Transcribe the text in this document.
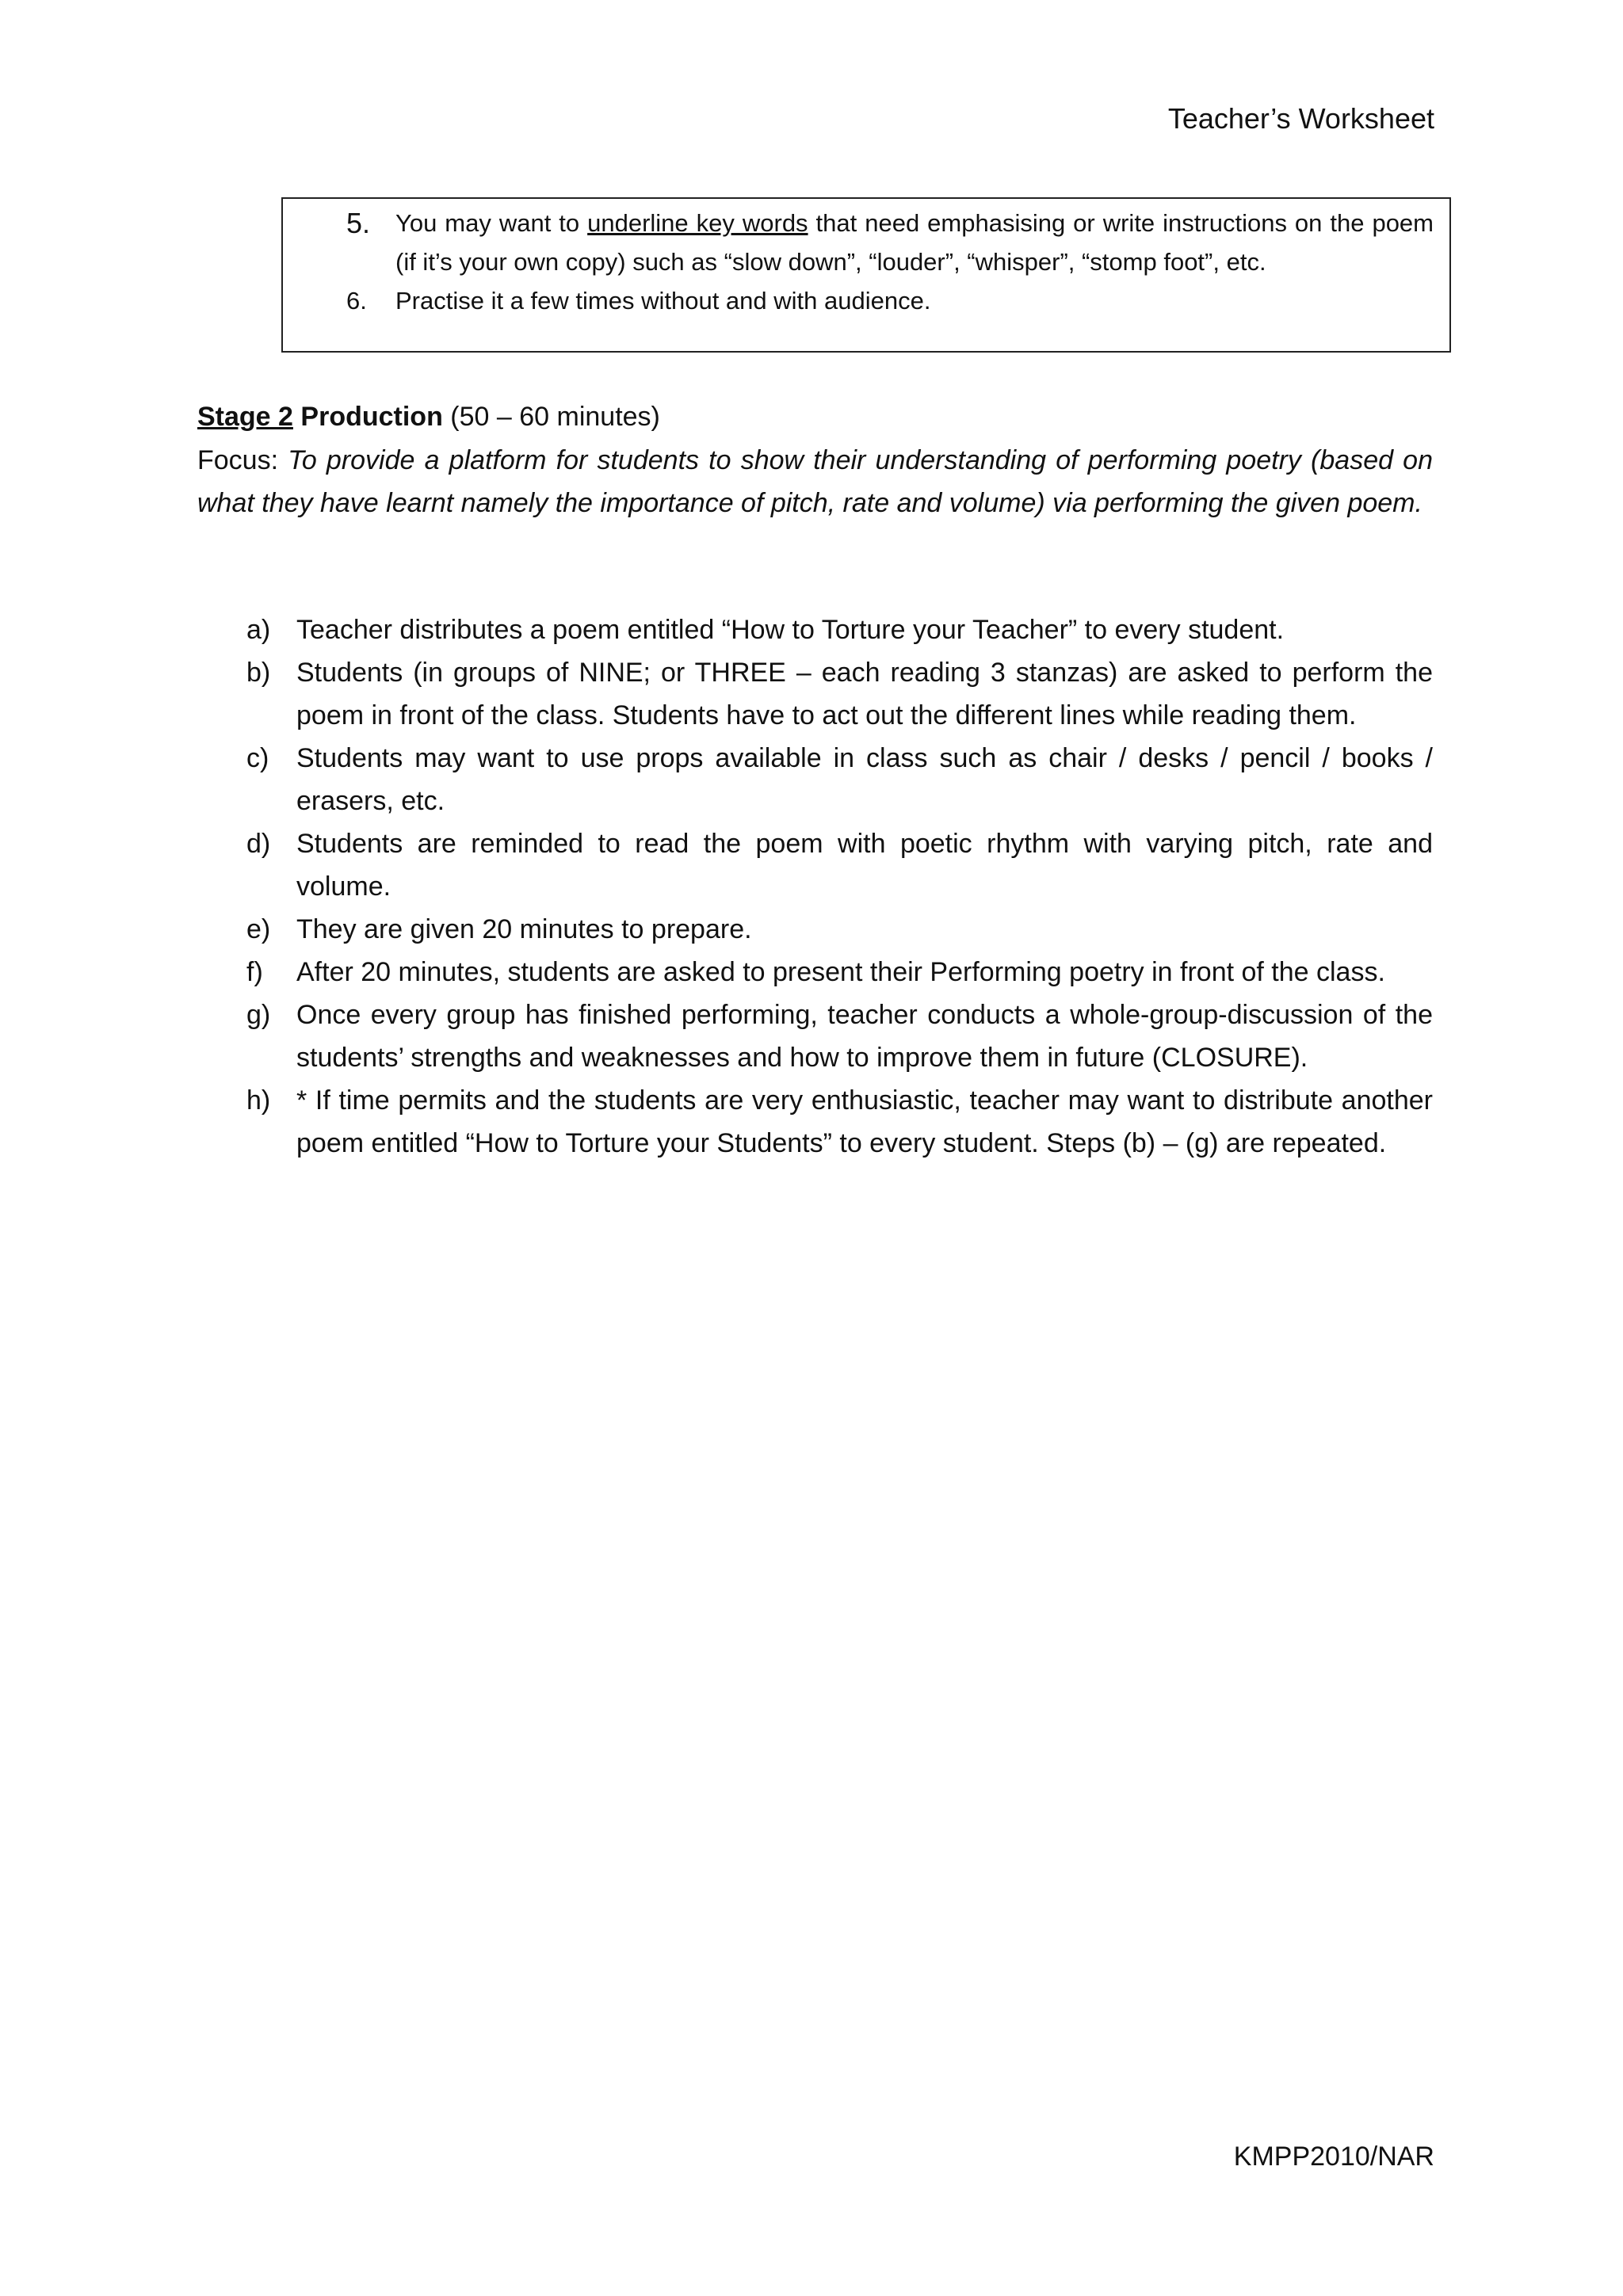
Teacher’s Worksheet
5.	You may want to underline key words that need emphasising or write instructions on the poem (if it’s your own copy) such as “slow down”, “louder”, “whisper”, “stomp foot”, etc.
6.	Practise it a few times without and with audience.
Stage 2 Production (50 – 60 minutes)
Focus: To provide a platform for students to show their understanding of performing poetry (based on what they have learnt namely the importance of pitch, rate and volume) via performing the given poem.
a) Teacher distributes a poem entitled “How to Torture your Teacher” to every student.
b) Students (in groups of NINE; or THREE – each reading 3 stanzas) are asked to perform the poem in front of the class. Students have to act out the different lines while reading them.
c) Students may want to use props available in class such as chair / desks / pencil / books / erasers, etc.
d) Students are reminded to read the poem with poetic rhythm with varying pitch, rate and volume.
e) They are given 20 minutes to prepare.
f) After 20 minutes, students are asked to present their Performing poetry in front of the class.
g) Once every group has finished performing, teacher conducts a whole-group-discussion of the students’ strengths and weaknesses and how to improve them in future (CLOSURE).
h) * If time permits and the students are very enthusiastic, teacher may want to distribute another poem entitled “How to Torture your Students” to every student. Steps (b) – (g) are repeated.
KMPP2010/NAR
